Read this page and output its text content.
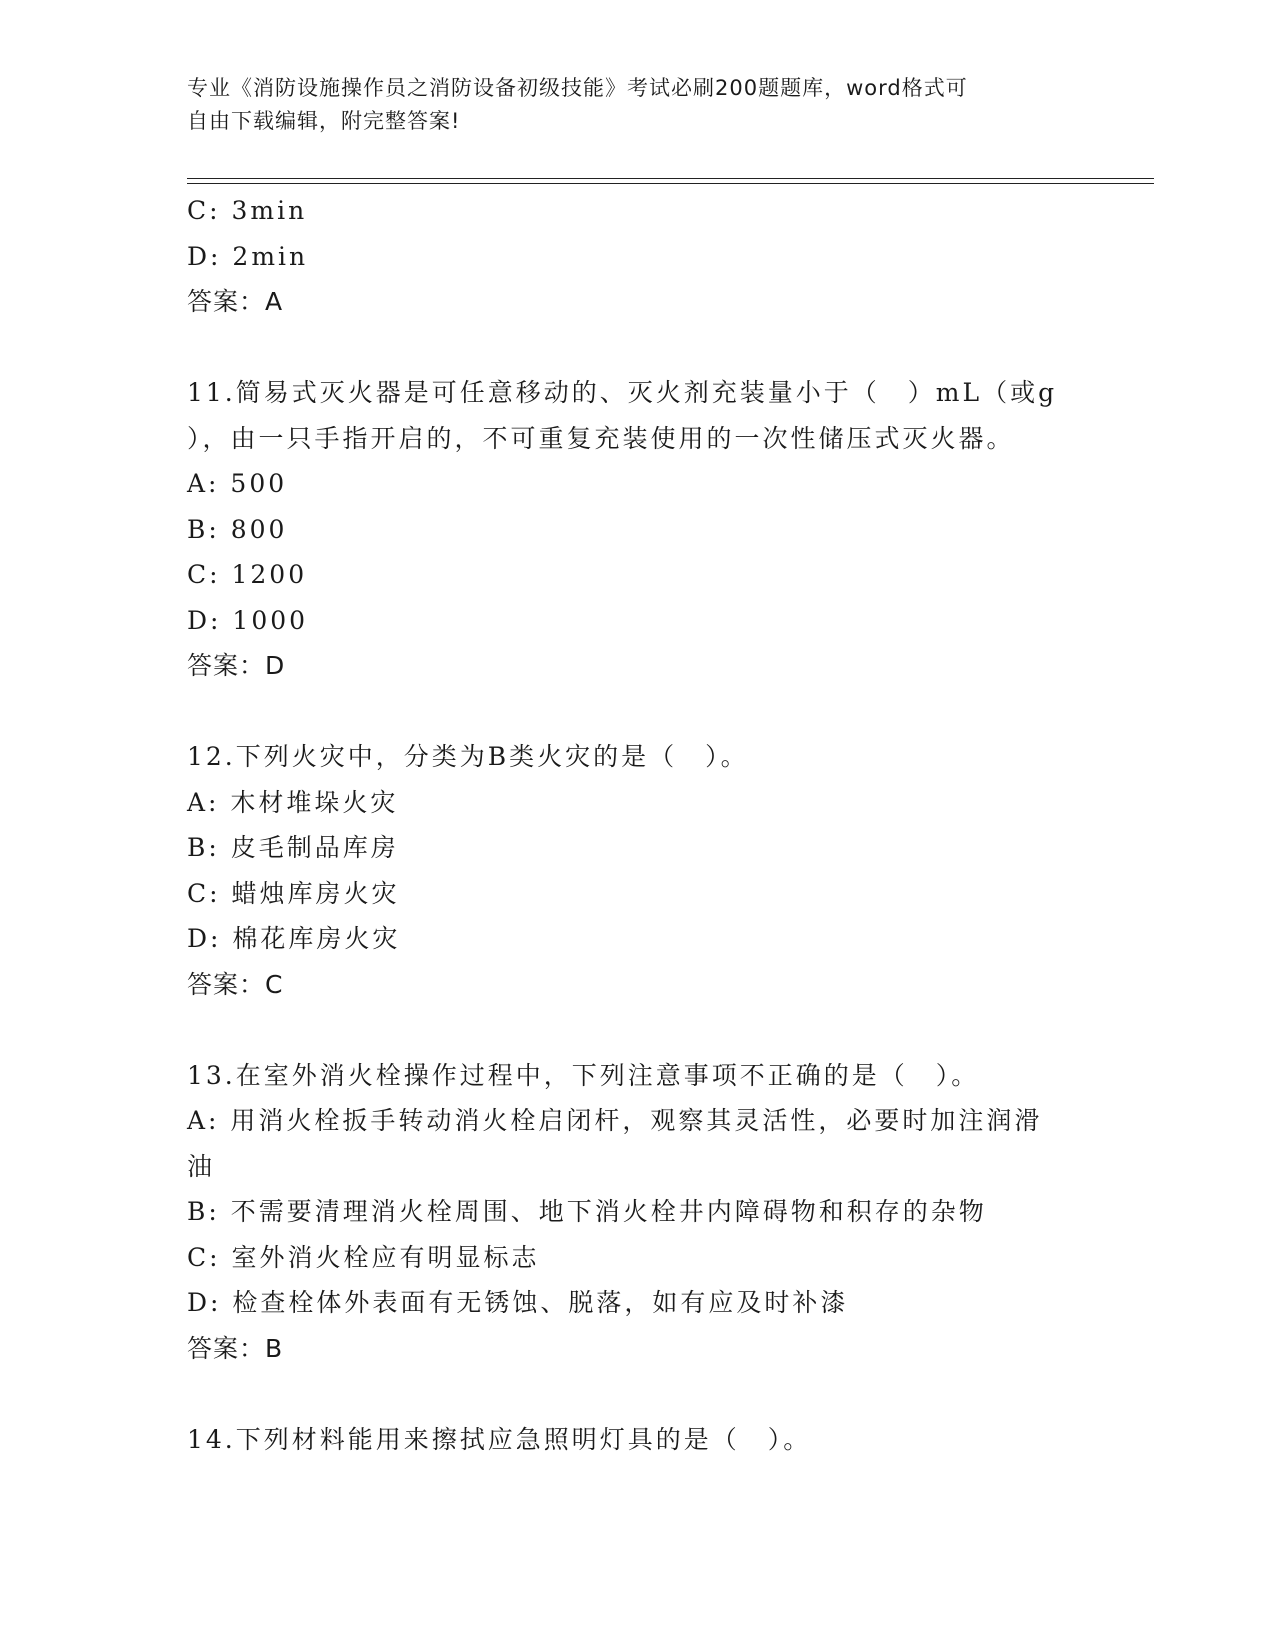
专业《消防设施操作员之消防设备初级技能》考试必刷200题题库，word格式可
自由下载编辑，附完整答案!
C: 3min
D: 2min
答案：A
11.简易式灭火器是可任意移动的、灭火剂充装量小于（　）mL（或g
），由一只手指开启的，不可重复充装使用的一次性储压式灭火器。
A: 500
B: 800
C: 1200
D: 1000
答案：D
12.下列火灾中，分类为B类火灾的是（　）。
A: 木材堆垛火灾
B: 皮毛制品库房
C: 蜡烛库房火灾
D: 棉花库房火灾
答案：C
13.在室外消火栓操作过程中，下列注意事项不正确的是（　）。
A: 用消火栓扳手转动消火栓启闭杆，观察其灵活性，必要时加注润滑
油
B: 不需要清理消火栓周围、地下消火栓井内障碍物和积存的杂物
C: 室外消火栓应有明显标志
D: 检查栓体外表面有无锈蚀、脱落，如有应及时补漆
答案：B
14.下列材料能用来擦拭应急照明灯具的是（　）。
